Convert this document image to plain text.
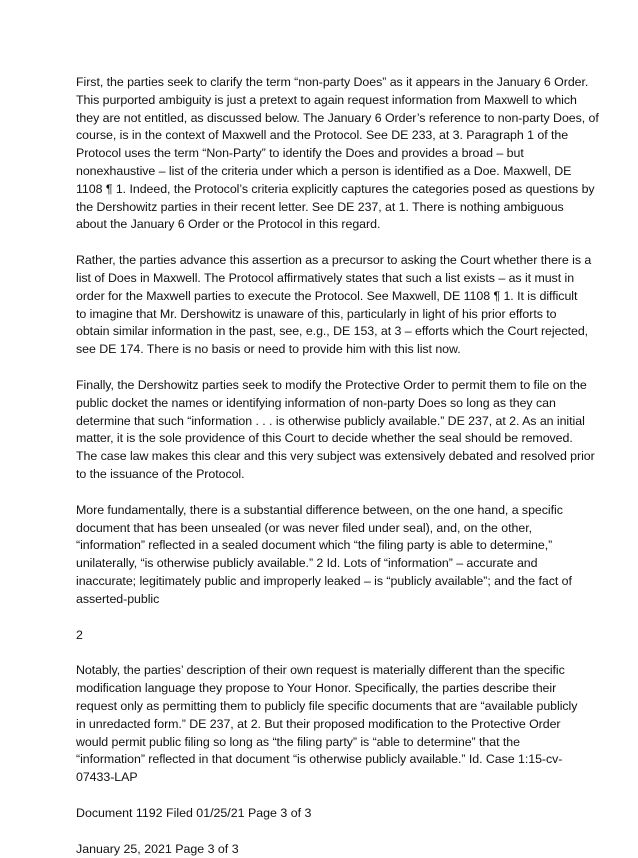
First, the parties seek to clarify the term “non-party Does” as it appears in the January 6 Order.
This purported ambiguity is just a pretext to again request information from Maxwell to which
they are not entitled, as discussed below. The January 6 Order’s reference to non-party Does, of
course, is in the context of Maxwell and the Protocol. See DE 233, at 3. Paragraph 1 of the
Protocol uses the term “Non-Party” to identify the Does and provides a broad – but
nonexhaustive – list of the criteria under which a person is identified as a Doe. Maxwell, DE
1108 ¶ 1. Indeed, the Protocol’s criteria explicitly captures the categories posed as questions by
the Dershowitz parties in their recent letter. See DE 237, at 1. There is nothing ambiguous
about the January 6 Order or the Protocol in this regard.
Rather, the parties advance this assertion as a precursor to asking the Court whether there is a
list of Does in Maxwell. The Protocol affirmatively states that such a list exists – as it must in
order for the Maxwell parties to execute the Protocol. See Maxwell, DE 1108 ¶ 1. It is difficult
to imagine that Mr. Dershowitz is unaware of this, particularly in light of his prior efforts to
obtain similar information in the past, see, e.g., DE 153, at 3 – efforts which the Court rejected,
see DE 174. There is no basis or need to provide him with this list now.
Finally, the Dershowitz parties seek to modify the Protective Order to permit them to file on the
public docket the names or identifying information of non-party Does so long as they can
determine that such “information . . . is otherwise publicly available.” DE 237, at 2. As an initial
matter, it is the sole providence of this Court to decide whether the seal should be removed.
The case law makes this clear and this very subject was extensively debated and resolved prior
to the issuance of the Protocol.
More fundamentally, there is a substantial difference between, on the one hand, a specific
document that has been unsealed (or was never filed under seal), and, on the other,
“information” reflected in a sealed document which “the filing party is able to determine,”
unilaterally, “is otherwise publicly available.” 2 Id. Lots of “information” – accurate and
inaccurate; legitimately public and improperly leaked – is “publicly available”; and the fact of
asserted-public
2
Notably, the parties’ description of their own request is materially different than the specific
modification language they propose to Your Honor. Specifically, the parties describe their
request only as permitting them to publicly file specific documents that are “available publicly
in unredacted form.” DE 237, at 2. But their proposed modification to the Protective Order
would permit public filing so long as “the filing party” is “able to determine” that the
“information” reflected in that document “is otherwise publicly available.” Id. Case 1:15-cv-
07433-LAP
Document 1192 Filed 01/25/21 Page 3 of 3
January 25, 2021 Page 3 of 3
